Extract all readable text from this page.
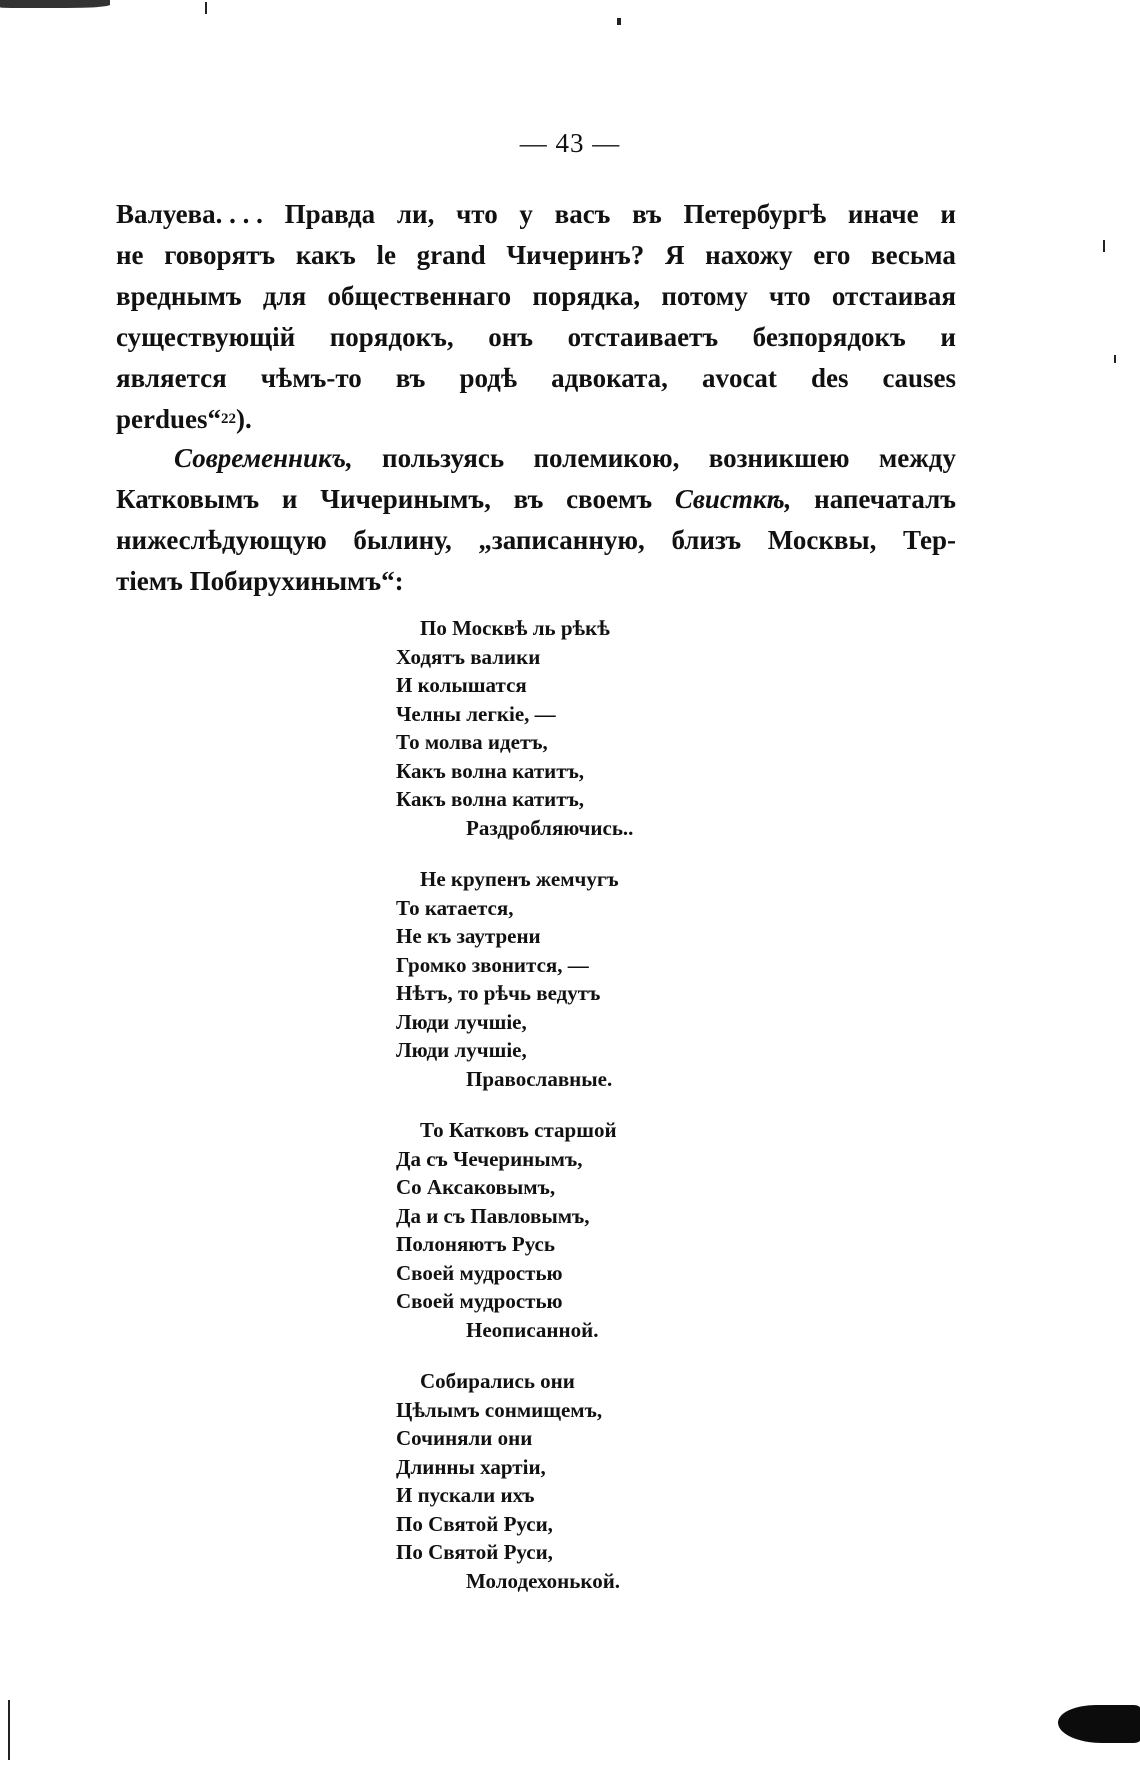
— 43 —
Валуева. . . . Правда ли, что у васъ въ Петербургѣ иначе и
не говорятъ какъ le grand Чичеринъ? Я нахожу его весьма
вреднымъ для общественнаго порядка, потому что отстаивая
существующій порядокъ, онъ отстаиваетъ безпорядокъ и
является чѣмъ-то въ родѣ адвоката, avocat des causes
perdues“ 22 ).
Современникъ, пользуясь полемикою, возникшею между
Катковымъ и Чичеринымъ, въ своемъ Свисткѣ, напечаталъ
нижеслѣдующую былину, „записанную, близъ Москвы, Тер-
тіемъ Побирухинымъ“:
По Москвѣ ль рѣкѣ
Ходятъ валики
И колышатся
Челны легкіе, —
То молва идетъ,
Какъ волна катитъ,
Какъ волна катитъ,
Раздробляючись..
Не крупенъ жемчугъ
То катается,
Не къ заутрени
Громко звонится, —
Нѣтъ, то рѣчь ведутъ
Люди лучшіе,
Люди лучшіе,
Православные.
То Катковъ старшой
Да съ Чечеринымъ,
Со Аксаковымъ,
Да и съ Павловымъ,
Полоняютъ Русь
Своей мудростью
Своей мудростью
Неописанной.
Собирались они
Цѣлымъ сонмищемъ,
Сочиняли они
Длинны хартіи,
И пускали ихъ
По Святой Руси,
По Святой Руси,
Молодехонькой.
